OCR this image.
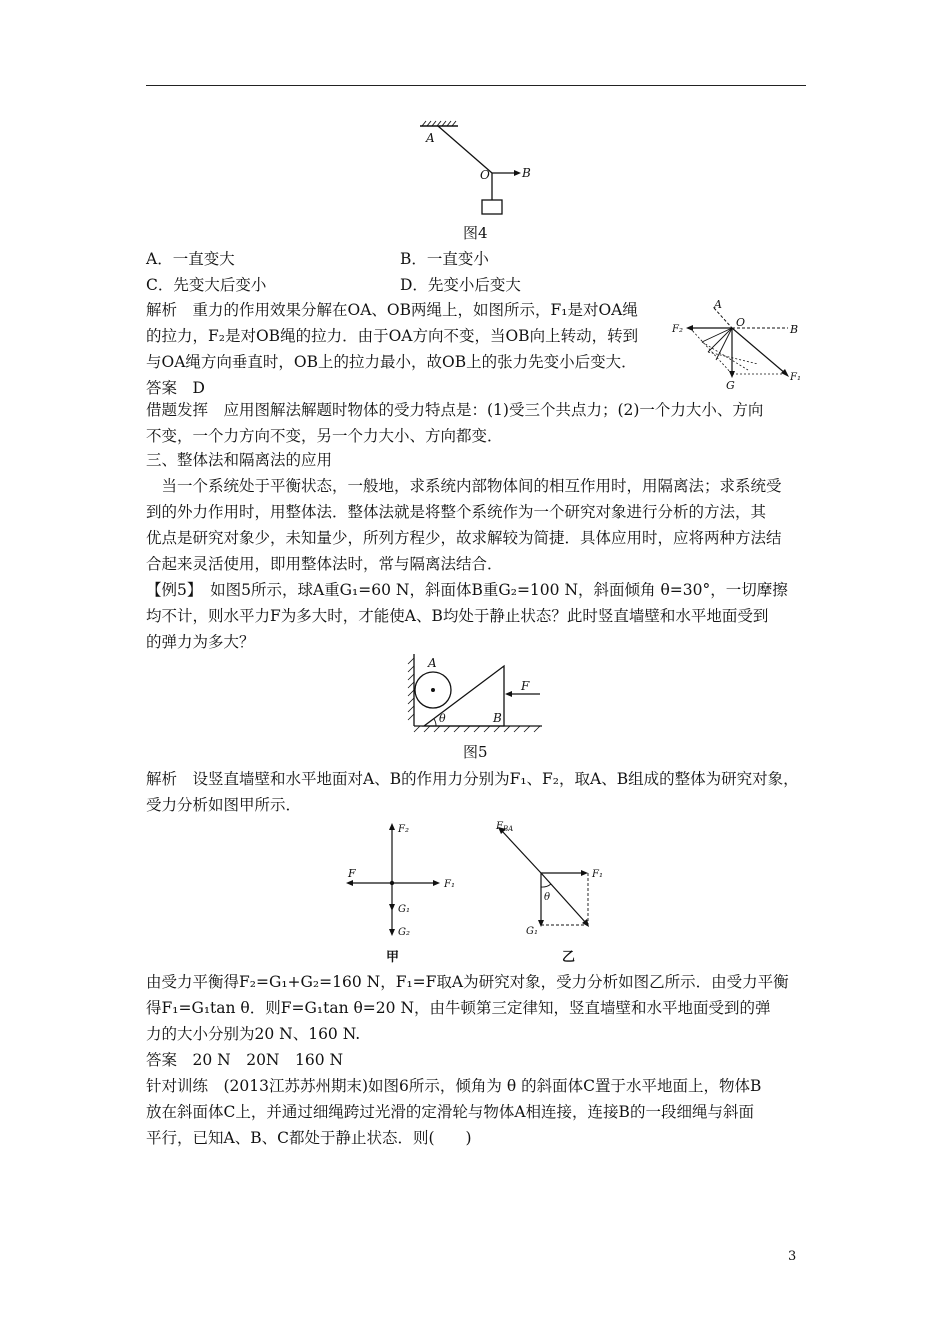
A
O	B
图4
A．一直变大	B．一直变小
C．先变大后变小	D．先变小后变大
解析　重力的作用效果分解在OA、OB两绳上，如图所示，F₁是对OA绳
的拉力，F₂是对OB绳的拉力．由于OA方向不变，当OB向上转动，转到
与OA绳方向垂直时，OB上的拉力最小，故OB上的张力先变小后变大．
答案　D
A
O
B
F₂
F₁
G
借题发挥　应用图解法解题时物体的受力特点是：(1)受三个共点力；(2)一个力大小、方向
不变，一个力方向不变，另一个力大小、方向都变．
三、整体法和隔离法的应用
　当一个系统处于平衡状态，一般地，求系统内部物体间的相互作用时，用隔离法；求系统受
到的外力作用时，用整体法．整体法就是将整个系统作为一个研究对象进行分析的方法，其
优点是研究对象少，未知量少，所列方程少，故求解较为简捷．具体应用时，应将两种方法结
合起来灵活使用，即用整体法时，常与隔离法结合．
【例5】　如图5所示，球A重G₁=60 N，斜面体B重G₂=100 N，斜面倾角 θ=30°，一切摩擦
均不计，则水平力F为多大时，才能使A、B均处于静止状态？此时竖直墙壁和水平地面受到
的弹力为多大？
A
F
θ	B
图5
解析　设竖直墙壁和水平地面对A、B的作用力分别为F₁、F₂，取A、B组成的整体为研究对象，
受力分析如图甲所示．
F₂
F
F₁
G₁
G₂
甲
$F_{BA}$
F₁
θ
G₁
乙
由受力平衡得F₂=G₁+G₂=160 N，F₁=F取A为研究对象，受力分析如图乙所示．由受力平衡
得F₁=G₁tan θ．则F=G₁tan θ=20 N，由牛顿第三定律知，竖直墙壁和水平地面受到的弹
力的大小分别为20 N、160 N.
答案　20 N　20N　160 N
针对训练　(2013江苏苏州期末)如图6所示，倾角为 θ 的斜面体C置于水平地面上，物体B
放在斜面体C上，并通过细绳跨过光滑的定滑轮与物体A相连接，连接B的一段细绳与斜面
平行，已知A、B、C都处于静止状态．则(　　)
3
